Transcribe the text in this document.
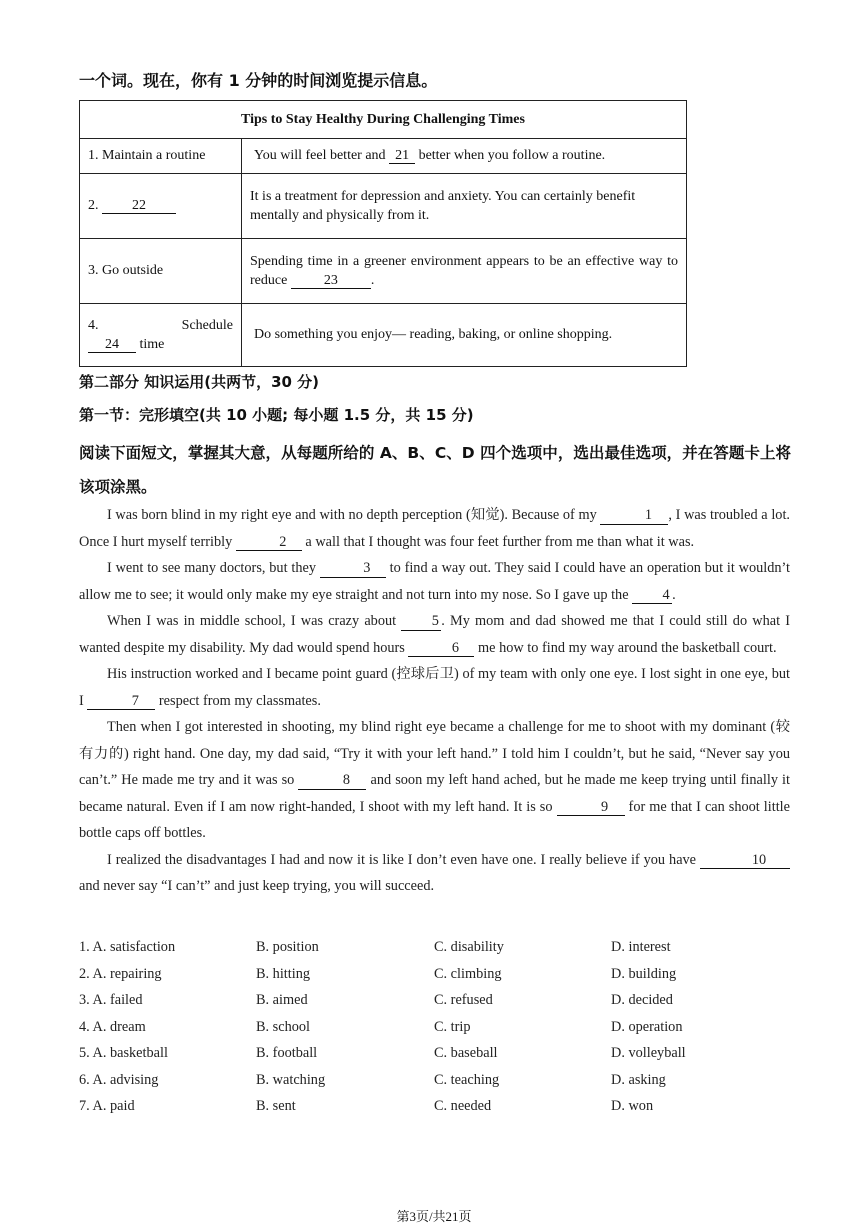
一个词。现在，你有 1 分钟的时间浏览提示信息。
Tips to Stay Healthy During Challenging Times	
1. Maintain a routine	You will feel better and 21 better when you follow a routine.
2. 22	It is a treatment for depression and anxiety. You can certainly benefit mentally and physically from it.
3. Go outside	Spending time in a greener environment appears to be an effective way to reduce 23 .

4. Schedule
24 time	Do something you enjoy— reading, baking, or online shopping.
第二部分 知识运用(共两节，30 分)
第一节：完形填空(共 10 小题; 每小题 1.5 分，共 15 分)
阅读下面短文，掌握其大意，从每题所给的 A、B、C、D 四个选项中，选出最佳选项，并在答题卡上将该项涂黑。

I was born blind in my right eye and with no depth perception (知觉). Because of my	1 , I was troubled a lot. Once I hurt myself terribly	2 a wall that I thought was four feet further from me than what it was.

I went to see many doctors, but they	3 to find a way out. They said I could have an operation but it wouldn’t allow me to see; it would only make my eye straight and not turn into my nose. So I gave up the 4 .

When I was in middle school, I was crazy about 5 . My mom and dad showed me that I could still do what I wanted despite my disability. My dad would spend hours	6 me how to find my way around the basketball court.

His instruction worked and I became point guard (控球后卫) of my team with only one eye. I lost sight in one eye, but I	7 respect from my classmates.

Then when I got interested in shooting, my blind right eye became a challenge for me to shoot with my dominant (较有力的) right hand. One day, my dad said, “Try it with your left hand.” I told him I couldn’t, but he said, “Never say you can’t.” He made me try and it was so	8 and soon my left hand ached, but he made me keep trying until finally it became natural. Even if I am now right-handed, I shoot with my left hand. It is so	9 for me that I can shoot little bottle caps off bottles.

I realized the disadvantages I had and now it is like I don’t even have one. I really believe if you have	10 and never say “I can’t” and just keep trying, you will succeed.

1. A. satisfaction	B. position	C. disability	D. interest
2. A. repairing	B. hitting	C. climbing	D. building
3. A. failed	B. aimed	C. refused	D. decided
4. A. dream	B. school	C. trip	D. operation
5. A. basketball	B. football	C. baseball	D. volleyball
6. A. advising	B. watching	C. teaching	D. asking
7. A. paid	B. sent	C. needed	D. won
第3页/共21页
